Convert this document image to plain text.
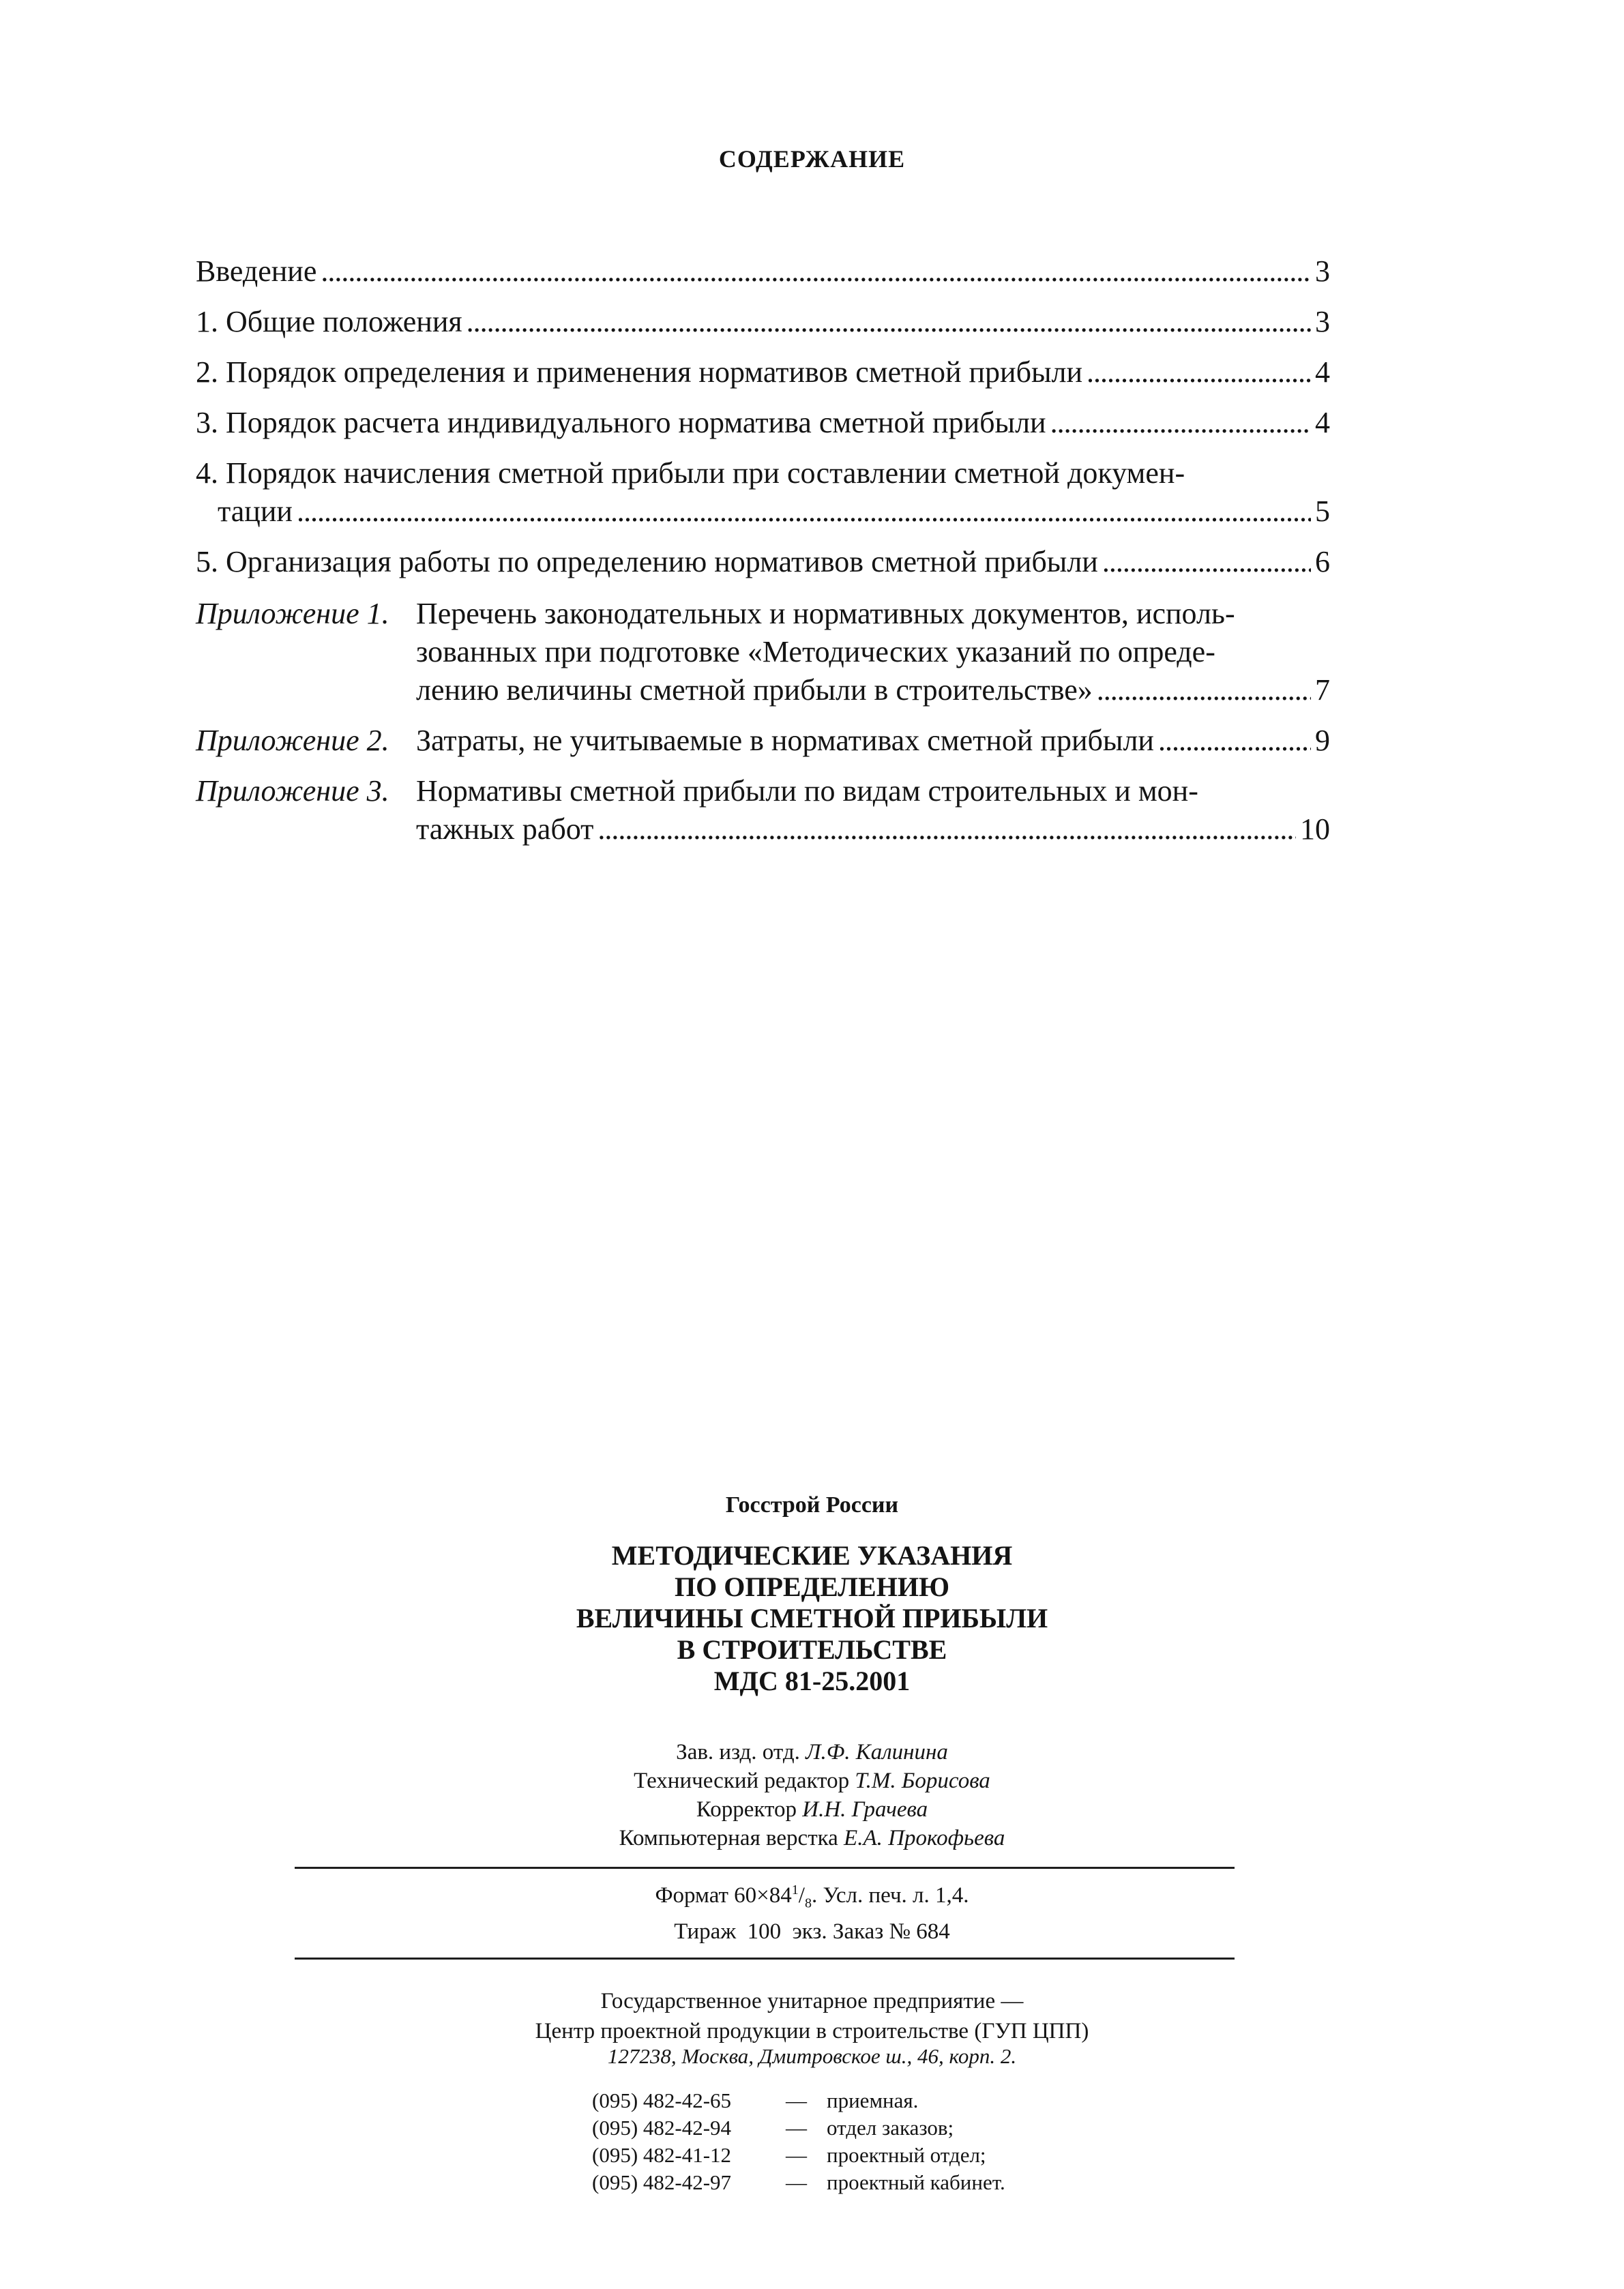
СОДЕРЖАНИЕ
Введение . . .	3
1. Общие положения . . .	3
2. Порядок определения и применения нормативов сметной прибыли . . .	4
3. Порядок расчета индивидуального норматива сметной прибыли . . .	4
4. Порядок начисления сметной прибыли при составлении сметной докумен-
тации . . .	5
5. Организация работы по определению нормативов сметной прибыли . . .	6
Приложение 1. Перечень законодательных и нормативных документов, исполь-
зованных при подготовке «Методических указаний по опреде-
лению величины сметной прибыли в строительстве» . . .	7
Приложение 2. Затраты, не учитываемые в нормативах сметной прибыли . . .	9
Приложение 3. Нормативы сметной прибыли по видам строительных и мон-
тажных работ . . .	10
Госстрой России
МЕТОДИЧЕСКИЕ УКАЗАНИЯ
ПО ОПРЕДЕЛЕНИЮ
ВЕЛИЧИНЫ СМЕТНОЙ ПРИБЫЛИ
В СТРОИТЕЛЬСТВЕ
МДС 81-25.2001
Зав. изд. отд. Л.Ф. Калинина
Технический редактор Т.М. Борисова
Корректор И.Н. Грачева
Компьютерная верстка Е.А. Прокофьева
Формат $60\times 84^1/_8$. Усл. печ. л. 1,4.
Тираж  100  экз. Заказ № 684
Государственное унитарное предприятие —
Центр проектной продукции в строительстве (ГУП ЦПП)
127238, Москва, Дмитровское ш., 46, корп. 2.
(095) 482-42-65	— приемная.
(095) 482-42-94	— отдел заказов;
(095) 482-41-12	— проектный отдел;
(095) 482-42-97	— проектный кабинет.
